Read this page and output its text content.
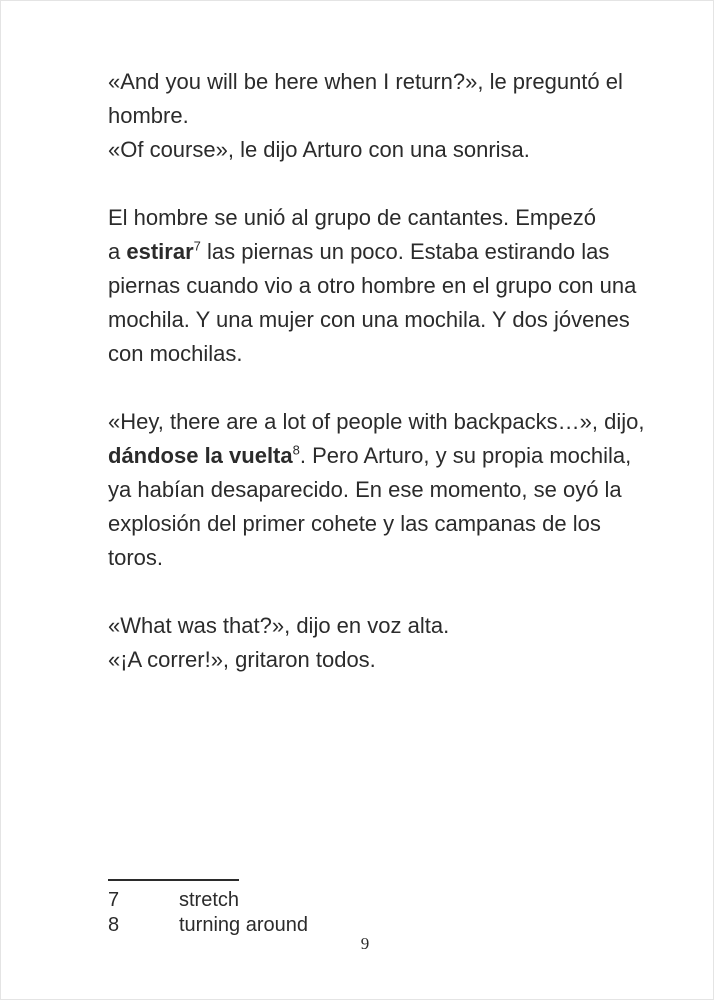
«And you will be here when I return?», le preguntó el
hombre.
«Of course», le dijo Arturo con una sonrisa.
El hombre se unió al grupo de cantantes. Empezó
a estirar$^7$ las piernas un poco. Estaba estirando las
piernas cuando vio a otro hombre en el grupo con una
mochila. Y una mujer con una mochila. Y dos jóvenes
con mochilas.
«Hey, there are a lot of people with backpacks…», dijo,
dándose la vuelta$^8$. Pero Arturo, y su propia mochila,
ya habían desaparecido. En ese momento, se oyó la
explosión del primer cohete y las campanas de los
toros.
«What was that?», dijo en voz alta.
«¡A correr!», gritaron todos.
7	stretch
8	turning around
9
